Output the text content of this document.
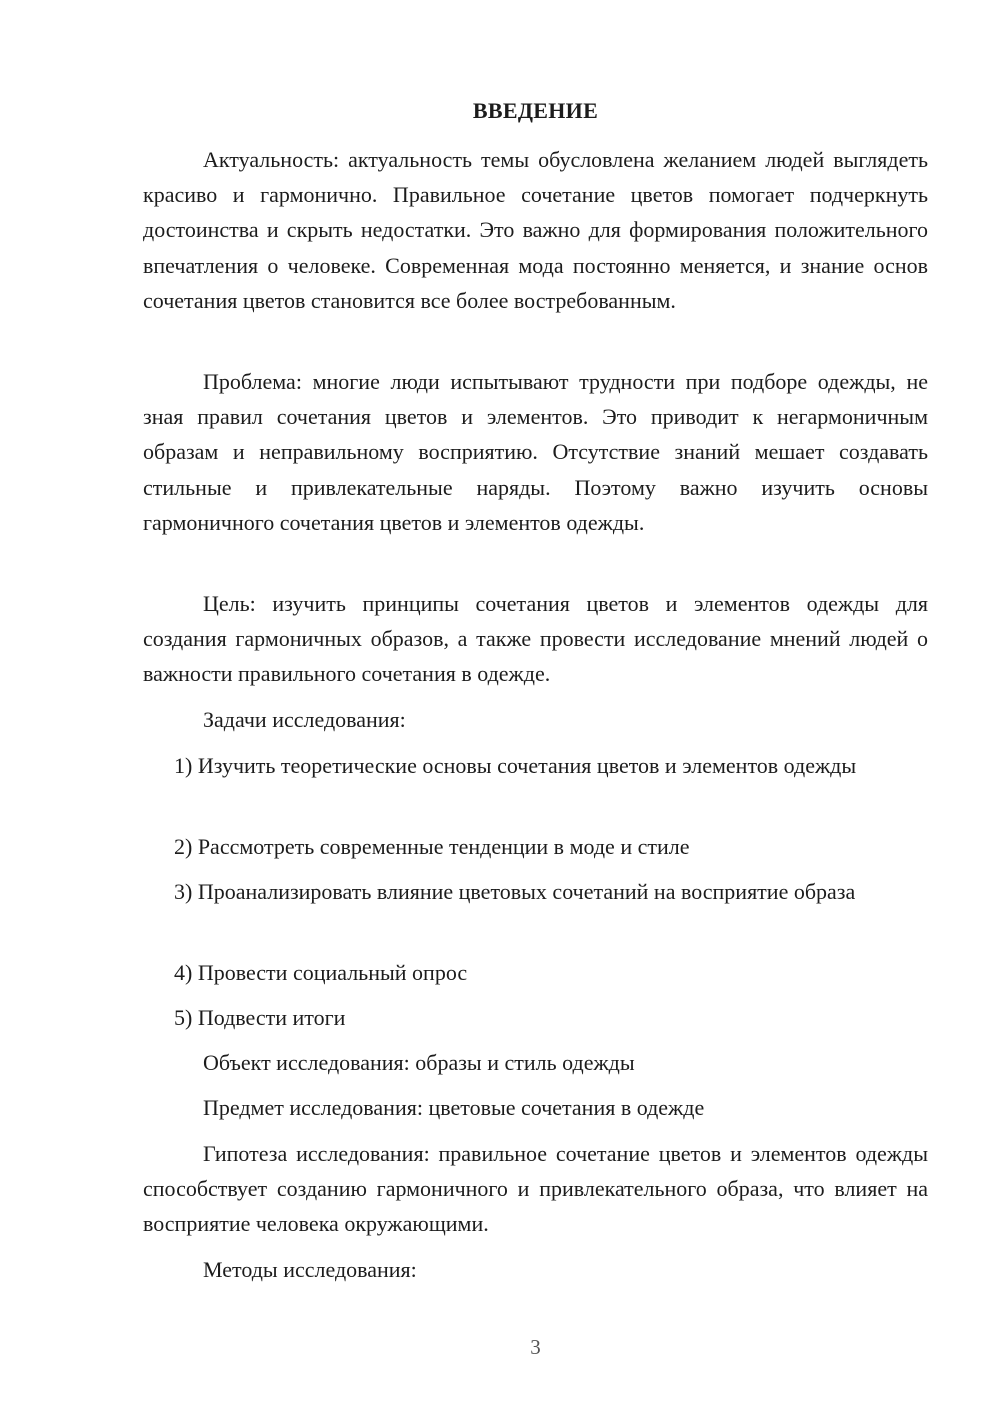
ВВЕДЕНИЕ

Актуальность: актуальность темы обусловлена желанием людей выглядеть красиво и гармонично. Правильное сочетание цветов помогает подчеркнуть достоинства и скрыть недостатки. Это важно для формирования положительного впечатления о человеке. Современная мода постоянно меняется, и знание основ сочетания цветов становится все более востребованным.

Проблема: многие люди испытывают трудности при подборе одежды, не зная правил сочетания цветов и элементов. Это приводит к негармоничным образам и неправильному восприятию. Отсутствие знаний мешает создавать стильные и привлекательные наряды. Поэтому важно изучить основы гармоничного сочетания цветов и элементов одежды.

Цель: изучить принципы сочетания цветов и элементов одежды для создания гармоничных образов, а также провести исследование мнений людей о важности правильного сочетания в одежде.

Задачи исследования:

1) Изучить теоретические основы сочетания цветов и элементов одежды

2) Рассмотреть современные тенденции в моде и стиле

3) Проанализировать влияние цветовых сочетаний на восприятие образа

4) Провести социальный опрос

5) Подвести итоги

Объект исследования: образы и стиль одежды

Предмет исследования: цветовые сочетания в одежде

Гипотеза исследования: правильное сочетание цветов и элементов одежды способствует созданию гармоничного и привлекательного образа, что влияет на восприятие человека окружающими.

Методы исследования:

3
